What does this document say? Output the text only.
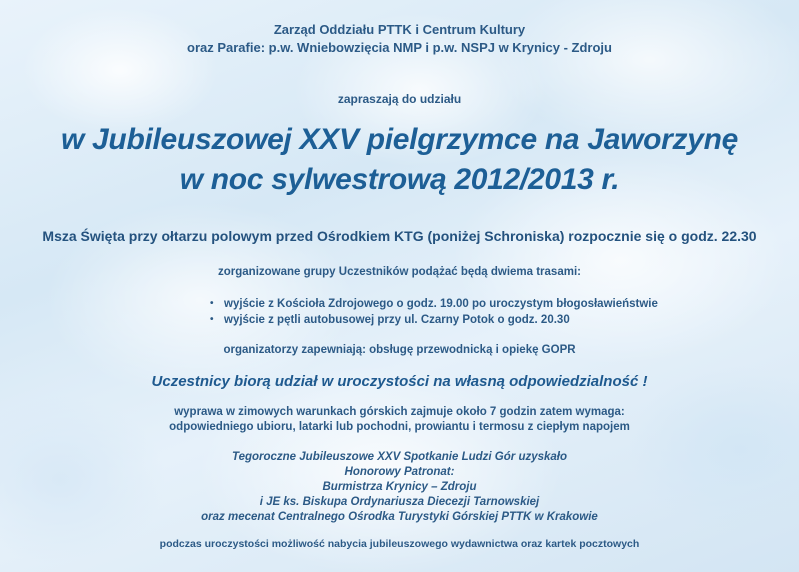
Zarząd Oddziału PTTK i Centrum Kultury
oraz Parafie: p.w. Wniebowzięcia NMP i p.w. NSPJ w Krynicy - Zdroju
zapraszają do udziału
w Jubileuszowej XXV pielgrzymce na Jaworzynę
w noc sylwestrową 2012/2013 r.
Msza Święta przy ołtarzu polowym przed Ośrodkiem KTG (poniżej Schroniska) rozpocznie się o godz. 22.30
zorganizowane grupy Uczestników podążać będą dwiema trasami:
• wyjście z Kościoła Zdrojowego o godz. 19.00 po uroczystym błogosławieństwie
• wyjście z pętli autobusowej przy ul. Czarny Potok o godz. 20.30
organizatorzy zapewniają: obsługę przewodnicką i opiekę GOPR
Uczestnicy biorą udział w uroczystości na własną odpowiedzialność !
wyprawa w zimowych warunkach górskich zajmuje około 7 godzin zatem wymaga:
odpowiedniego ubioru, latarki lub pochodni, prowiantu i termosu z ciepłym napojem
Tegoroczne Jubileuszowe XXV Spotkanie Ludzi Gór uzyskało
Honorowy Patronat:
Burmistrza Krynicy – Zdroju
i JE ks. Biskupa Ordynariusza Diecezji Tarnowskiej
oraz mecenat Centralnego Ośrodka Turystyki Górskiej PTTK w Krakowie
podczas uroczystości możliwość nabycia jubileuszowego wydawnictwa oraz kartek pocztowych
